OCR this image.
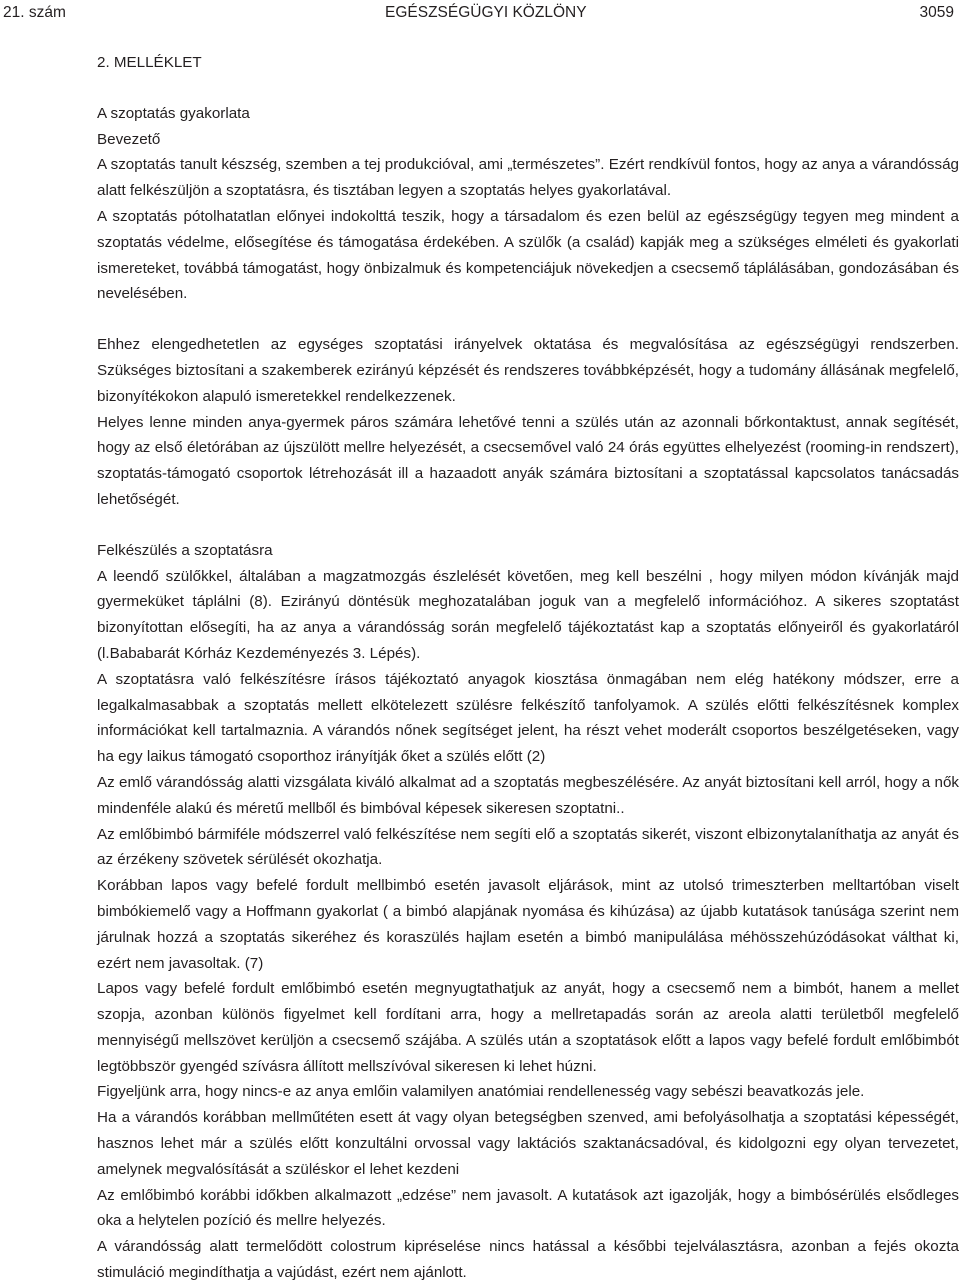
21. szám	EGÉSZSÉGÜGYI KÖZLÖNY	3059

2. MELLÉKLET

A szoptatás gyakorlata

Bevezető

A szoptatás tanult készség, szemben a tej produkcióval, ami „természetes”. Ezért rendkívül fontos, hogy az anya a várandósság alatt felkészüljön a szoptatásra, és tisztában legyen a szoptatás helyes gyakorlatával.

A szoptatás pótolhatatlan előnyei indokolttá teszik, hogy a társadalom és ezen belül az egészségügy tegyen meg mindent a szoptatás védelme, elősegítése és támogatása érdekében. A szülők (a család) kapják meg a szükséges elméleti és gyakorlati ismereteket, továbbá támogatást, hogy önbizalmuk és kompetenciájuk növekedjen a csecsemő táplálásában, gondozásában és nevelésében.

Ehhez elengedhetetlen az egységes szoptatási irányelvek oktatása és megvalósítása az egészségügyi rendszerben. Szükséges biztosítani a szakemberek ezirányú képzését és rendszeres továbbképzését, hogy a tudomány állásának megfelelő, bizonyítékokon alapuló ismeretekkel rendelkezzenek.

Helyes lenne minden anya-gyermek páros számára lehetővé tenni a szülés után az azonnali bőrkontaktust, annak segítését, hogy az első életórában az újszülött mellre helyezését, a csecsemővel való 24 órás együttes elhelyezést (rooming-in rendszert), szoptatás-támogató csoportok létrehozását ill a hazaadott anyák számára biztosítani a szoptatással kapcsolatos tanácsadás lehetőségét.

Felkészülés a szoptatásra

A leendő szülőkkel, általában a magzatmozgás észlelését követően, meg kell beszélni , hogy milyen módon kívánják majd gyermeküket táplálni (8). Ezirányú döntésük meghozatalában joguk van a megfelelő információhoz. A sikeres szoptatást bizonyítottan elősegíti, ha az anya a várandósság során megfelelő tájékoztatást kap a szoptatás előnyeiről és gyakorlatáról (l.Bababarát Kórház Kezdeményezés 3. Lépés).

A szoptatásra való felkészítésre írásos tájékoztató anyagok kiosztása önmagában nem elég hatékony módszer, erre a legalkalmasabbak a szoptatás mellett elkötelezett szülésre felkészítő tanfolyamok. A szülés előtti felkészítésnek komplex információkat kell tartalmaznia. A várandós nőnek segítséget jelent, ha részt vehet moderált csoportos beszélgetéseken, vagy ha egy laikus támogató csoporthoz irányítják őket a szülés előtt (2)

Az emlő várandósság alatti vizsgálata kiváló alkalmat ad a szoptatás megbeszélésére. Az anyát biztosítani kell arról, hogy a nők mindenféle alakú és méretű mellből és bimbóval képesek sikeresen szoptatni..

Az emlőbimbó bármiféle módszerrel való felkészítése nem segíti elő a szoptatás sikerét, viszont elbizonytalaníthatja az anyát és az érzékeny szövetek sérülését okozhatja.

Korábban lapos vagy befelé fordult mellbimbó esetén javasolt eljárások, mint az utolsó trimeszterben melltartóban viselt bimbókiemelő vagy a Hoffmann gyakorlat ( a bimbó alapjának nyomása és kihúzása) az újabb kutatások tanúsága szerint nem járulnak hozzá a szoptatás sikeréhez és koraszülés hajlam esetén a bimbó manipulálása méhösszehúzódásokat válthat ki, ezért nem javasoltak. (7)

Lapos vagy befelé fordult emlőbimbó esetén megnyugtathatjuk az anyát, hogy a csecsemő nem a bimbót, hanem a mellet szopja, azonban különös figyelmet kell fordítani arra, hogy a mellretapadás során az areola alatti területből megfelelő mennyiségű mellszövet kerüljön a csecsemő szájába. A szülés után a szoptatások előtt a lapos vagy befelé fordult emlőbimbót legtöbbször gyengéd szívásra állított mellszívóval sikeresen ki lehet húzni.

Figyeljünk arra, hogy nincs-e az anya emlőin valamilyen anatómiai rendellenesség vagy sebészi beavatkozás jele.

Ha a várandós korábban mellműtéten esett át vagy olyan betegségben szenved, ami befolyásolhatja a szoptatási képességét, hasznos lehet már a szülés előtt konzultálni orvossal vagy laktációs szaktanácsadóval, és kidolgozni egy olyan tervezetet, amelynek megvalósítását a szüléskor el lehet kezdeni

Az emlőbimbó korábbi időkben alkalmazott „edzése” nem javasolt. A kutatások azt igazolják, hogy a bimbósérülés elsődleges oka a helytelen pozíció és mellre helyezés.

A várandósság alatt termelődött colostrum kipréselése nincs hatással a későbbi tejelválasztásra, azonban a fejés okozta stimuláció megindíthatja a vajúdást, ezért nem ajánlott.
